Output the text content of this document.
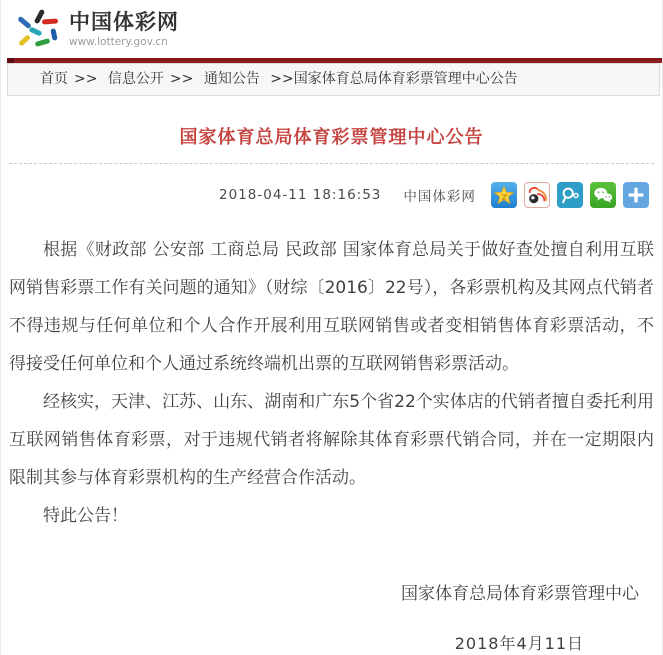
中国体彩网
www.lottery.gov.cn
首页 >> 信息公开 >> 通知公告 >>国家体育总局体育彩票管理中心公告
国家体育总局体育彩票管理中心公告
2018-04-11 18:16:53 中国体彩网

根据《财政部 公安部 工商总局 民政部 国家体育总局关于做好查处擅自利用互联网销售彩票工作有关问题的通知》（财综〔2016〕22号），各彩票机构及其网点代销者不得违规与任何单位和个人合作开展利用互联网销售或者变相销售体育彩票活动，不得接受任何单位和个人通过系统终端机出票的互联网销售彩票活动。

经核实，天津、江苏、山东、湖南和广东5个省22个实体店的代销者擅自委托利用互联网销售体育彩票，对于违规代销者将解除其体育彩票代销合同，并在一定期限内限制其参与体育彩票机构的生产经营合作活动。

特此公告！

国家体育总局体育彩票管理中心
2018年4月11日
